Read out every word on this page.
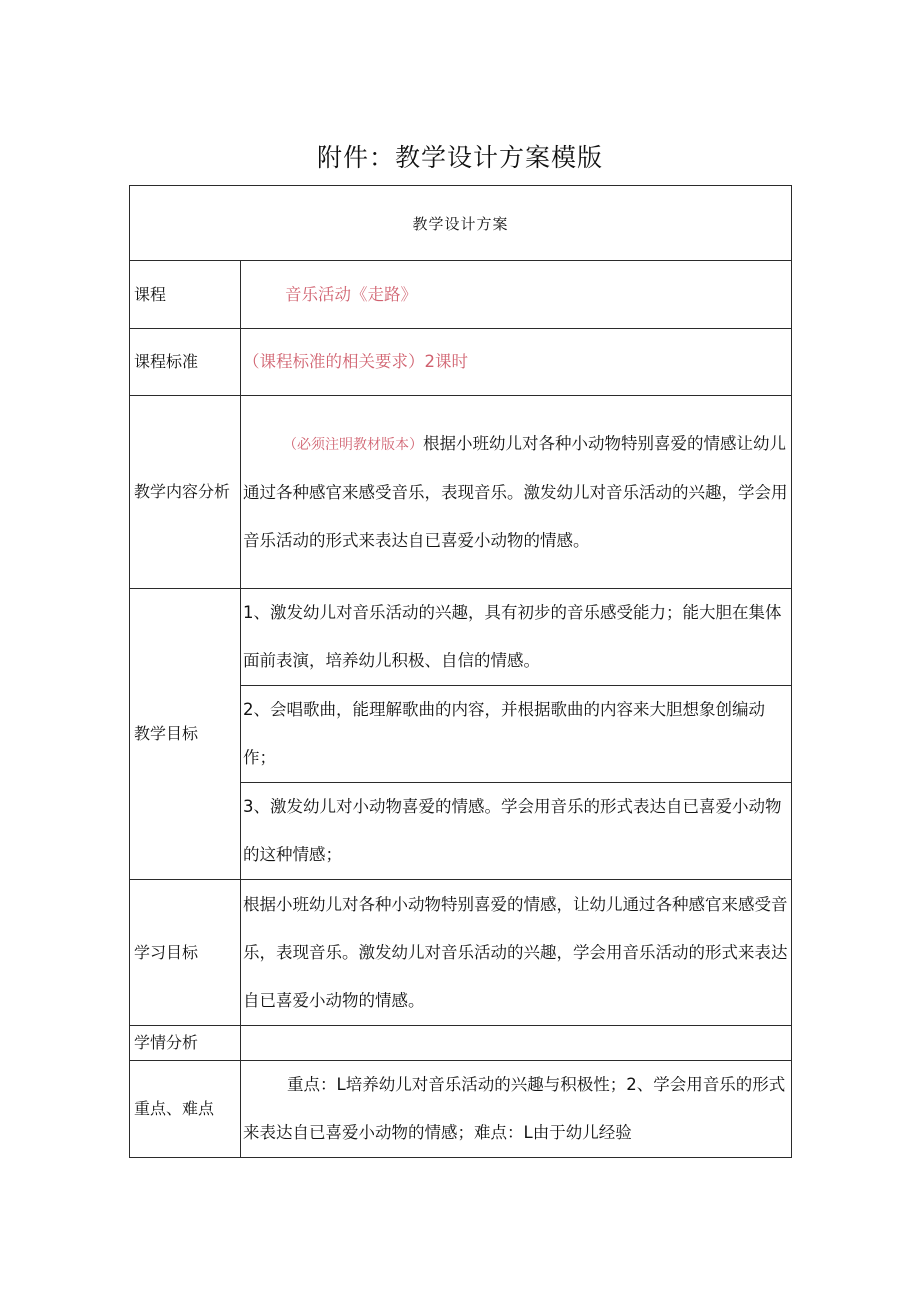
附件：教学设计方案模版
教学设计方案	
课程	音乐活动《走路》
课程标准	（课程标准的相关要求）2课时
教学内容分析	（必须注明教材版本）根据小班幼儿对各种小动物特别喜爱的情感让幼儿通过各种感官来感受音乐，表现音乐。激发幼儿对音乐活动的兴趣，学会用音乐活动的形式来表达自已喜爱小动物的情感。
教学目标	1、激发幼儿对音乐活动的兴趣，具有初步的音乐感受能力；能大胆在集体面前表演，培养幼儿积极、自信的情感。
	2、会唱歌曲，能理解歌曲的内容，并根据歌曲的内容来大胆想象创编动作；
	3、激发幼儿对小动物喜爱的情感。学会用音乐的形式表达自已喜爱小动物的这种情感；
学习目标	根据小班幼儿对各种小动物特别喜爱的情感，让幼儿通过各种感官来感受音乐，表现音乐。激发幼儿对音乐活动的兴趣，学会用音乐活动的形式来表达自已喜爱小动物的情感。
学情分析	
重点、难点	重点：L培养幼儿对音乐活动的兴趣与积极性；2、学会用音乐的形式来表达自已喜爱小动物的情感；难点：L由于幼儿经验
